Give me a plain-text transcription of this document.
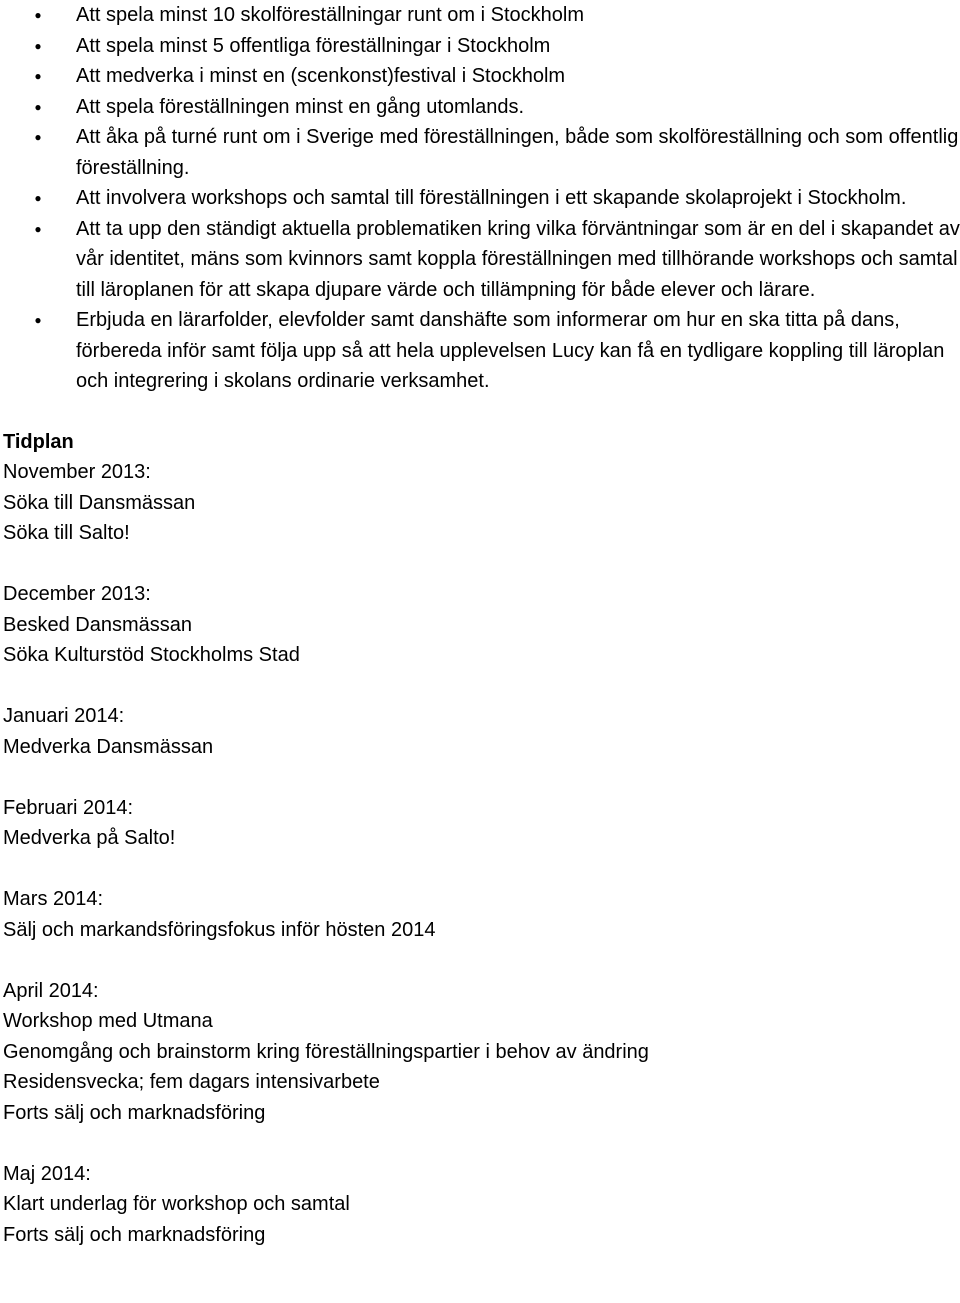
●	Att spela minst 10 skolföreställningar runt om i Stockholm
●	Att spela minst 5 offentliga föreställningar i Stockholm
●	Att medverka i minst en (scenkonst)festival i Stockholm
●	Att spela föreställningen minst en gång utomlands.
●	Att åka på turné runt om i Sverige med föreställningen, både som skolföreställning och som offentlig föreställning.
●	Att involvera workshops och samtal till föreställningen i ett skapande skolaprojekt i Stockholm.
●	Att ta upp den ständigt aktuella problematiken kring vilka förväntningar som är en del i skapandet av vår identitet, mäns som kvinnors samt koppla föreställningen med tillhörande workshops och samtal till läroplanen för att skapa djupare värde och tillämpning för både elever och lärare.
●	Erbjuda en lärarfolder, elevfolder samt danshäfte som informerar om hur en ska titta på dans, förbereda inför samt följa upp så att hela upplevelsen Lucy kan få en tydligare koppling till läroplan och integrering i skolans ordinarie verksamhet.
Tidplan
November 2013:
Söka till Dansmässan
Söka till Salto!
December 2013:
Besked Dansmässan
Söka Kulturstöd Stockholms Stad
Januari 2014:
Medverka Dansmässan
Februari 2014:
Medverka på Salto!
Mars 2014:
Sälj och markandsföringsfokus inför hösten 2014
April 2014:
Workshop med Utmana
Genomgång och brainstorm kring föreställningspartier i behov av ändring
Residensvecka; fem dagars intensivarbete
Forts sälj och marknadsföring
Maj 2014:
Klart underlag för workshop och samtal
Forts sälj och marknadsföring
